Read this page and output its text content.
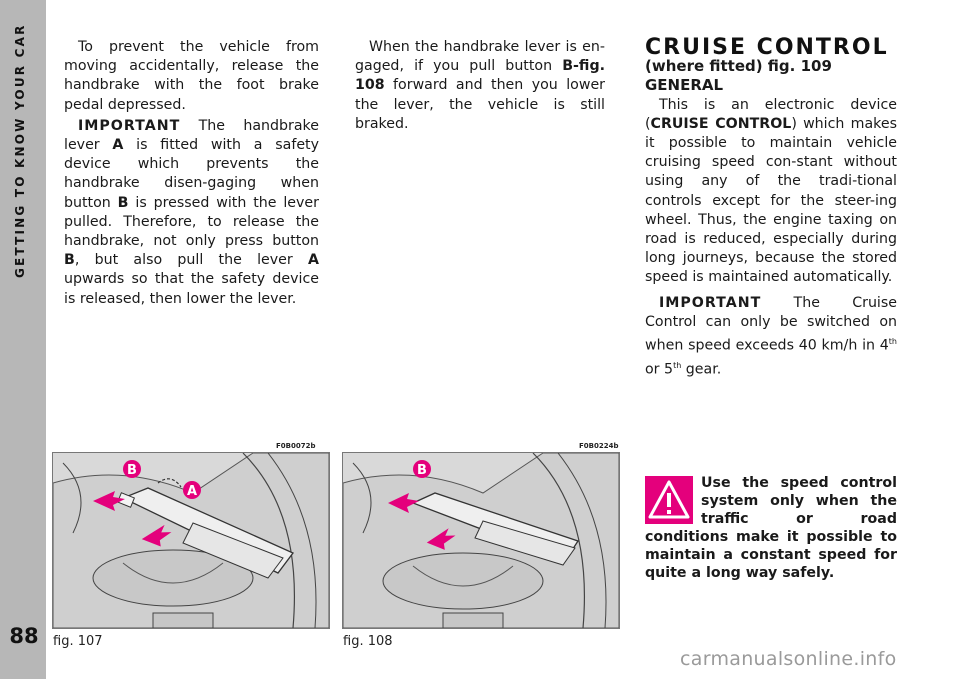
GETTING TO KNOW YOUR CAR
88

To prevent the vehicle from moving accidentally, release the handbrake with the foot brake pedal depressed.

IMPORTANT The handbrake lever A is fitted with a safety device which prevents the handbrake disen-gaging when button B is pressed with the lever pulled. Therefore, to release the handbrake, not only press button B, but also pull the lever A upwards so that the safety device is released, then lower the lever.

When the handbrake lever is en-gaged, if you pull button B-fig. 108 forward and then you lower the lever, the vehicle is still braked.

CRUISE CONTROL

(where fitted) fig. 109

GENERAL

This is an electronic device (CRUISE CONTROL) which makes it possible to maintain vehicle cruising speed con-stant without using any of the tradi-tional controls except for the steer-ing wheel. Thus, the engine taxing on road is reduced, especially during long journeys, because the stored speed is maintained automatically.

IMPORTANT The Cruise Control can only be switched on when speed exceeds 40 km/h in 4th or 5th gear.

F0B0072b
B
A
fig. 107
F0B0224b
B
fig. 108
Use the speed control system only when the traffic or road conditions make it possible to maintain a constant speed for quite a long way safely.
carmanualsonline.info
